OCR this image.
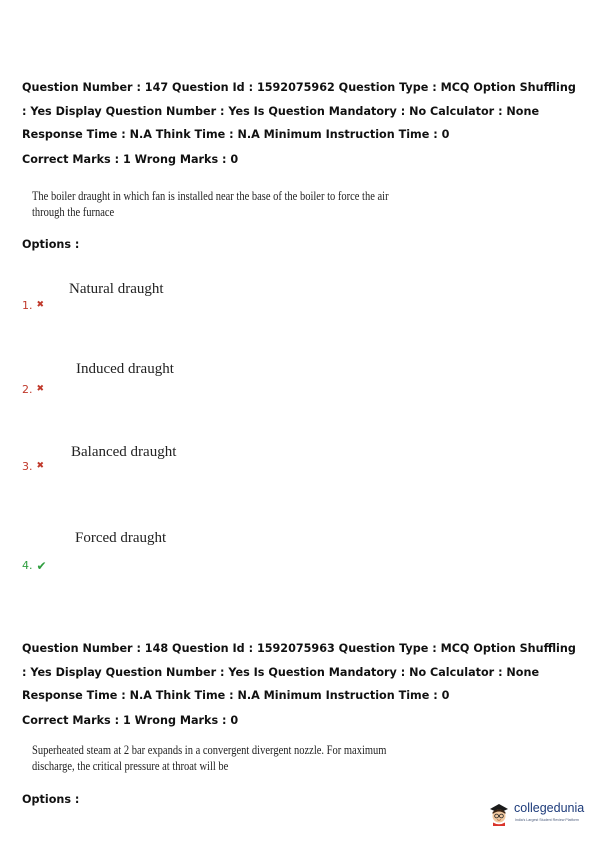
Question Number : 147 Question Id : 1592075962 Question Type : MCQ Option Shuffling : Yes Display Question Number : Yes Is Question Mandatory : No Calculator : None Response Time : N.A Think Time : N.A Minimum Instruction Time : 0
Correct Marks : 1 Wrong Marks : 0
The boiler draught in which fan is installed near the base of the boiler to force the air through the furnace
Options :
Natural draught
1. ✖
Induced draught
2. ✖
Balanced draught
3. ✖
Forced draught
4. ✔
Question Number : 148 Question Id : 1592075963 Question Type : MCQ Option Shuffling : Yes Display Question Number : Yes Is Question Mandatory : No Calculator : None Response Time : N.A Think Time : N.A Minimum Instruction Time : 0
Correct Marks : 1 Wrong Marks : 0
Superheated steam at 2 bar expands in a convergent divergent nozzle. For maximum discharge, the critical pressure at throat will be
Options :
collegedunia
India's Largest Student Review Platform
